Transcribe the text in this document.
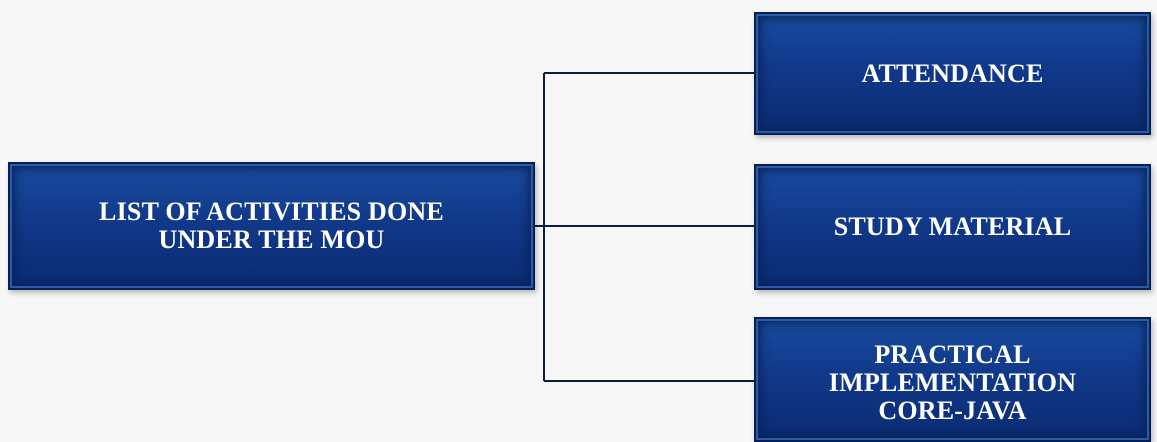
LIST OF ACTIVITIES DONE
UNDER THE MOU
ATTENDANCE
STUDY MATERIAL
PRACTICAL
IMPLEMENTATION
CORE-JAVA
